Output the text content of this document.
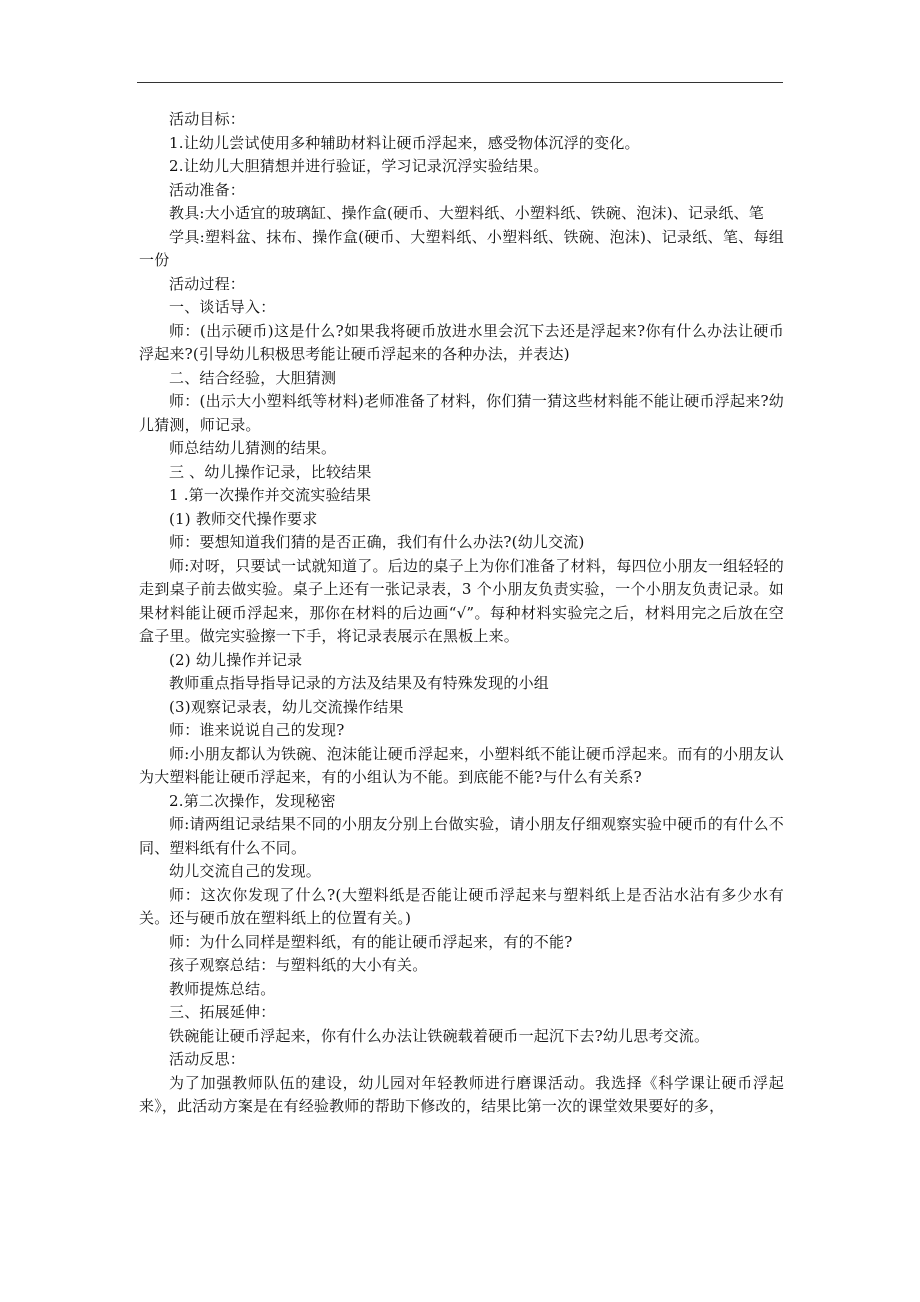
活动目标：

1.让幼儿尝试使用多种辅助材料让硬币浮起来，感受物体沉浮的变化。

2.让幼儿大胆猜想并进行验证，学习记录沉浮实验结果。

活动准备：

教具:大小适宜的玻璃缸、操作盒(硬币、大塑料纸、小塑料纸、铁碗、泡沫)、记录纸、笔

学具:塑料盆、抹布、操作盒(硬币、大塑料纸、小塑料纸、铁碗、泡沫)、记录纸、笔、每组一份

活动过程：

一、谈话导入：

师：(出示硬币)这是什么?如果我将硬币放进水里会沉下去还是浮起来?你有什么办法让硬币浮起来?(引导幼儿积极思考能让硬币浮起来的各种办法，并表达)

二、结合经验，大胆猜测

师：(出示大小塑料纸等材料)老师准备了材料，你们猜一猜这些材料能不能让硬币浮起来?幼儿猜测，师记录。

师总结幼儿猜测的结果。

三 、幼儿操作记录，比较结果

1 .第一次操作并交流实验结果

(1) 教师交代操作要求

师：要想知道我们猜的是否正确，我们有什么办法?(幼儿交流)

师:对呀，只要试一试就知道了。后边的桌子上为你们准备了材料，每四位小朋友一组轻轻的走到桌子前去做实验。桌子上还有一张记录表，3 个小朋友负责实验，一个小朋友负责记录。如果材料能让硬币浮起来，那你在材料的后边画“√”。每种材料实验完之后，材料用完之后放在空盒子里。做完实验擦一下手，将记录表展示在黑板上来。

(2) 幼儿操作并记录

教师重点指导指导记录的方法及结果及有特殊发现的小组

(3)观察记录表，幼儿交流操作结果

师：谁来说说自己的发现?

师:小朋友都认为铁碗、泡沫能让硬币浮起来，小塑料纸不能让硬币浮起来。而有的小朋友认为大塑料能让硬币浮起来，有的小组认为不能。到底能不能?与什么有关系?

2.第二次操作，发现秘密

师:请两组记录结果不同的小朋友分别上台做实验，请小朋友仔细观察实验中硬币的有什么不同、塑料纸有什么不同。

幼儿交流自己的发现。

师：这次你发现了什么?(大塑料纸是否能让硬币浮起来与塑料纸上是否沾水沾有多少水有关。还与硬币放在塑料纸上的位置有关。)

师：为什么同样是塑料纸，有的能让硬币浮起来，有的不能?

孩子观察总结：与塑料纸的大小有关。

教师提炼总结。

三、拓展延伸：

铁碗能让硬币浮起来，你有什么办法让铁碗载着硬币一起沉下去?幼儿思考交流。

活动反思：

为了加强教师队伍的建设，幼儿园对年轻教师进行磨课活动。我选择《科学课让硬币浮起来》，此活动方案是在有经验教师的帮助下修改的，结果比第一次的课堂效果要好的多，
